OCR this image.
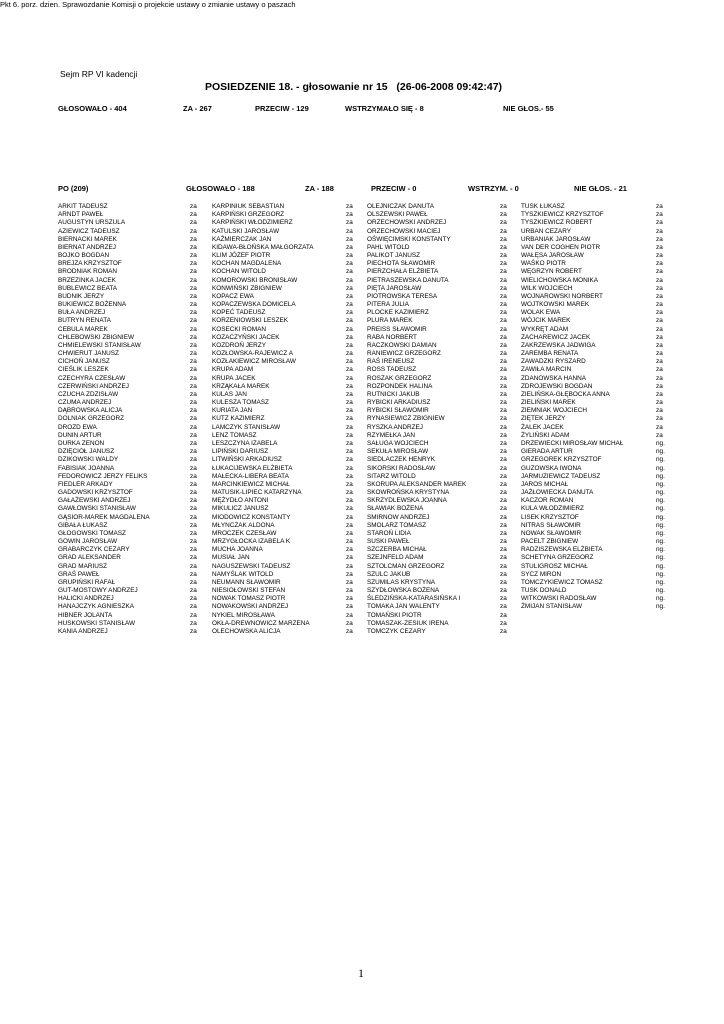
Sejm RP VI kadencji
POSIEDZENIE 18. - głosowanie nr 15   (26-06-2008 09:42:47)
GŁOSOWAŁO - 404	ZA - 267	PRZECIW - 129	WSTRZYMAŁO SIĘ - 8	NIE GŁOS.- 55
Pkt 6. porz. dzien. Sprawozdanie Komisji o projekcie ustawy o zmianie ustawy o paszach
PO (209)	GŁOSOWAŁO - 188	ZA - 188	PRZECIW - 0	WSTRZYM. - 0	NIE GŁOS. - 21
ARKIT TADEUSZ	za
ARNDT PAWEŁ	za
AUGUSTYN URSZULA	za
AZIEWICZ TADEUSZ	za
BIERNACKI MAREK	za
BIERNAT ANDRZEJ	za
BOJKO BOGDAN	za
BREJZA KRZYSZTOF	za
BRODNIAK ROMAN	za
BRZEZINKA JACEK	za
BUBLEWICZ BEATA	za
BUDNIK JERZY	za
BUKIEWICZ BOŻENNA	za
BUŁA ANDRZEJ	za
BUTRYN RENATA	za
CEBULA MAREK	za
CHLEBOWSKI ZBIGNIEW	za
CHMIELEWSKI STANISŁAW	za
CHWIERUT JANUSZ	za
CICHOŃ JANUSZ	za
CIEŚLIK LESZEK	za
CZECHYRA CZESŁAW	za
CZERWIŃSKI ANDRZEJ	za
CZUCHA ZDZISŁAW	za
CZUMA ANDRZEJ	za
DĄBROWSKA ALICJA	za
DOLNIAK GRZEGORZ	za
DROZD EWA	za
DUNIN ARTUR	za
DURKA ZENON	za
DZIĘCIOŁ JANUSZ	za
DZIKOWSKI WALDY	za
FABISIAK JOANNA	za
FEDOROWICZ JERZY FELIKS	za
FIEDLER ARKADY	za
GADOWSKI KRZYSZTOF	za
GAŁAŻEWSKI ANDRZEJ	za
GAWŁOWSKI STANISŁAW	za
GĄSIOR-MAREK MAGDALENA	za
GIBAŁA ŁUKASZ	za
GŁOGOWSKI TOMASZ	za
GOWIN JAROSŁAW	za
GRABARCZYK CEZARY	za
GRAD ALEKSANDER	za
GRAD MARIUSZ	za
GRAŚ PAWEŁ	za
GRUPIŃSKI RAFAŁ	za
GUT-MOSTOWY ANDRZEJ	za
HALICKI ANDRZEJ	za
HANAJCZYK AGNIESZKA	za
HIBNER JOLANTA	za
HUSKOWSKI STANISŁAW	za
KANIA ANDRZEJ	za
KARPINIUK SEBASTIAN	za
KARPIŃSKI GRZEGORZ	za
KARPIŃSKI WŁODZIMIERZ	za
KATULSKI JAROSŁAW	za
KAŹMIERCZAK JAN	za
KIDAWA-BŁOŃSKA MAŁGORZATA	za
KLIM JÓZEF PIOTR	za
KOCHAN MAGDALENA	za
KOCHAN WITOLD	za
KOMOROWSKI BRONISŁAW	za
KONWIŃSKI ZBIGNIEW	za
KOPACZ EWA	za
KOPACZEWSKA DOMICELA	za
KOPEĆ TADEUSZ	za
KORZENIOWSKI LESZEK	za
KOSECKI ROMAN	za
KOZACZYŃSKI JACEK	za
KOZDROŃ JERZY	za
KOZŁOWSKA-RAJEWICZ A	za
KOZŁAKIEWICZ MIROSŁAW	za
KRUPA ADAM	za
KRUPA JACEK	za
KRZĄKAŁA MAREK	za
KULAS JAN	za
KULESZA TOMASZ	za
KURIATA JAN	za
KUTZ KAZIMIERZ	za
LAMCZYK STANISŁAW	za
LENZ TOMASZ	za
LESZCZYNA IZABELA	za
LIPIŃSKI DARIUSZ	za
LITWIŃSKI ARKADIUSZ	za
ŁUKACIJEWSKA ELŻBIETA	za
MAŁECKA-LIBERA BEATA	za
MARCINKIEWICZ MICHAŁ	za
MATUSIK-LIPIEC KATARZYNA	za
MĘŻYDŁO ANTONI	za
MIKULICZ JANUSZ	za
MIODOWICZ KONSTANTY	za
MŁYNCZAK ALDONA	za
MROCZEK CZESŁAW	za
MRZYGŁOCKA IZABELA K	za
MUCHA JOANNA	za
MUSIAŁ JAN	za
NAGUSZEWSKI TADEUSZ	za
NAMYŚLAK WITOLD	za
NEUMANN SŁAWOMIR	za
NIESIOŁOWSKI STEFAN	za
NOWAK TOMASZ PIOTR	za
NOWAKOWSKI ANDRZEJ	za
NYKIEL MIROSŁAWA	za
OKŁA-DREWNOWICZ MARZENA	za
OLECHOWSKA ALICJA	za
OLEJNICZAK DANUTA	za
OLSZEWSKI PAWEŁ	za
ORZECHOWSKI ANDRZEJ	za
ORZECHOWSKI MACIEJ	za
OŚWIĘCIMSKI KONSTANTY	za
PAHL WITOLD	za
PALIKOT JANUSZ	za
PIECHOTA SŁAWOMIR	za
PIERZCHAŁA ELŻBIETA	za
PIETRASZEWSKA DANUTA	za
PIĘTA JAROSŁAW	za
PIOTROWSKA TERESA	za
PITERA JULIA	za
PLOCKE KAZIMIERZ	za
PLURA MAREK	za
PREISS SŁAWOMIR	za
RABA NORBERT	za
RACZKOWSKI DAMIAN	za
RANIEWICZ GRZEGORZ	za
RAŚ IRENEUSZ	za
ROSS TADEUSZ	za
ROSZAK GRZEGORZ	za
ROZPONDEK HALINA	za
RUTNICKI JAKUB	za
RYBICKI ARKADIUSZ	za
RYBICKI SŁAWOMIR	za
RYNASIEWICZ ZBIGNIEW	za
RYSZKA ANDRZEJ	za
RZYMEŁKA JAN	za
SAŁUGA WOJCIECH	za
SEKUŁA MIROSŁAW	za
SIEDLACZEK HENRYK	za
SIKORSKI RADOSŁAW	za
SITARZ WITOLD	za
SKORUPA ALEKSANDER MAREK	za
SKOWROŃSKA KRYSTYNA	za
SKRZYDLEWSKA JOANNA	za
SŁAWIAK BOŻENA	za
SMIRNOW ANDRZEJ	za
SMOLARZ TOMASZ	za
STAROŃ LIDIA	za
SUSKI PAWEŁ	za
SZCZERBA MICHAŁ	za
SZEJNFELD ADAM	za
SZTOLCMAN GRZEGORZ	za
SZULC JAKUB	za
SZUMILAS KRYSTYNA	za
SZYDŁOWSKA BOŻENA	za
ŚLEDZIŃSKA-KATARASIŃSKA I	za
TOMAKA JAN WALENTY	za
TOMAŃSKI PIOTR	za
TOMASZAK-ZESIUK IRENA	za
TOMCZYK CEZARY	za
TUSK ŁUKASZ	za
TYSZKIEWICZ KRZYSZTOF	za
TYSZKIEWICZ ROBERT	za
URBAN CEZARY	za
URBANIAK JAROSŁAW	za
VAN DER COGHEN PIOTR	za
WAŁĘSA JAROSŁAW	za
WAŚKO PIOTR	za
WĘGRZYN ROBERT	za
WIELICHOWSKA MONIKA	za
WILK WOJCIECH	za
WOJNAROWSKI NORBERT	za
WOJTKOWSKI MAREK	za
WOLAK EWA	za
WÓJCIK MAREK	za
WYKRĘT ADAM	za
ZACHAREWICZ JACEK	za
ZAKRZEWSKA JADWIGA	za
ZAREMBA RENATA	za
ZAWADZKI RYSZARD	za
ZAWIŁA MARCIN	za
ZDANOWSKA HANNA	za
ZDROJEWSKI BOGDAN	za
ZIELIŃSKA-GŁĘBOCKA ANNA	za
ZIELIŃSKI MAREK	za
ZIEMNIAK WOJCIECH	za
ZIĘTEK JERZY	za
ŻALEK JACEK	za
ŻYLIŃSKI ADAM	za
DRZEWIECKI MIROSŁAW MICHAŁ	ng.
GIERADA ARTUR	ng.
GRZEGOREK KRZYSZTOF	ng.
GUZOWSKA IWONA	ng.
JARMUZIEWICZ TADEUSZ	ng.
JAROS MICHAŁ	ng.
JAŻŁOWIECKA DANUTA	ng.
KACZOR ROMAN	ng.
KULA WŁODZIMIERZ	ng.
LISEK KRZYSZTOF	ng.
NITRAS SŁAWOMIR	ng.
NOWAK SŁAWOMIR	ng.
PACELT ZBIGNIEW	ng.
RADZISZEWSKA ELŻBIETA	ng.
SCHETYNA GRZEGORZ	ng.
STULIGROSZ MICHAŁ	ng.
SYCZ MIRON	ng.
TOMCZYKIEWICZ TOMASZ	ng.
TUSK DONALD	ng.
WITKOWSKI RADOSŁAW	ng.
ŻMIJAN STANISŁAW	ng.
1
